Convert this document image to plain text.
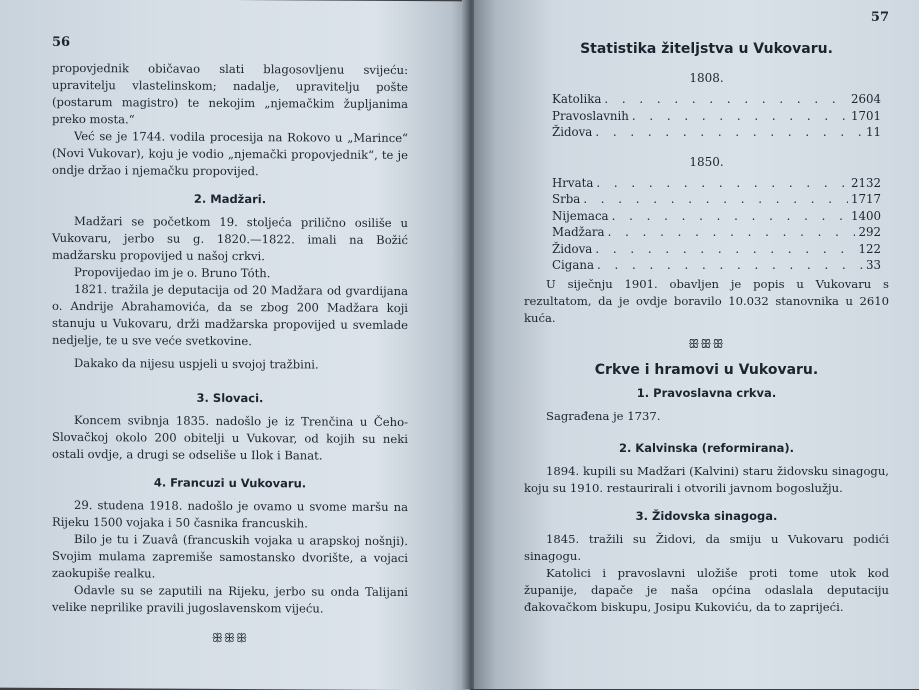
56

propovjednik običavao slati blagosovljenu svijeću: upravitelju vlastelinskom; nadalje, upravitelju pošte (postarum magistro) te nekojim „njemačkim župljanima preko mosta.“

Već se je 1744. vodila procesija na Rokovo u „Marince“ (Novi Vukovar), koju je vodio „njemački propovjednik“, te je ondje držao i njemačku propovijed.

2. Madžari.

Madžari se početkom 19. stoljeća prilično osiliše u Vukovaru, jerbo su g. 1820.—1822. imali na Božić madžarsku propovijed u našoj crkvi.

Propovijedao im je o. Bruno Tóth.

1821. tražila je deputacija od 20 Madžara od gvardijana o. Andrije Abrahamovića, da se zbog 200 Madžara koji stanuju u Vukovaru, drži madžarska propovijed u svemlade nedjelje, te u sve veće svetkovine.

Dakako da nijesu uspjeli u svojoj tražbini.

3. Slovaci.

Koncem svibnja 1835. nadošlo je iz Trenčina u Čeho-Slovačkoj okolo 200 obitelji u Vukovar, od kojih su neki ostali ovdje, a drugi se odseliše u Ilok i Banat.

4. Francuzi u Vukovaru.

29. studena 1918. nadošlo je ovamo u svome maršu na Rijeku 1500 vojaka i 50 časnika francuskih.

Bilo je tu i Zuavâ (francuskih vojaka u arapskoj nošnji). Svojim mulama zapremiše samostansko dvorište, a vojaci zaokupiše realku.

Odavle su se zaputili na Rijeku, jerbo su onda Talijani velike neprilike pravili jugoslavenskom vijeću.

ꕥꕥꕥ
57
Statistika žiteljstva u Vukovaru.
1808.
Katolika . . .	2604
Pravoslavnih . . .	1701
Židova . . .	11
1850.
Hrvata . . .	2132
Srba . . .	1717
Nijemaca . . .	1400
Madžara . . .	292
Židova . . .	122
Cigana . . .	33

U siječnju 1901. obavljen je popis u Vukovaru s rezultatom, da je ovdje boravilo 10.032 stanovnika u 2610 kuća.

ꕥꕥꕥ
Crkve i hramovi u Vukovaru.
1. Pravoslavna crkva.

Sagrađena je 1737.

2. Kalvinska (reformirana).

1894. kupili su Madžari (Kalvini) staru židovsku sinagogu, koju su 1910. restaurirali i otvorili javnom bogoslužju.

3. Židovska sinagoga.

1845. tražili su Židovi, da smiju u Vukovaru podići sinagogu.

Katolici i pravoslavni uložiše proti tome utok kod županije, dapače je naša općina odaslala deputaciju đakovačkom biskupu, Josipu Kukoviću, da to zaprijeći.
